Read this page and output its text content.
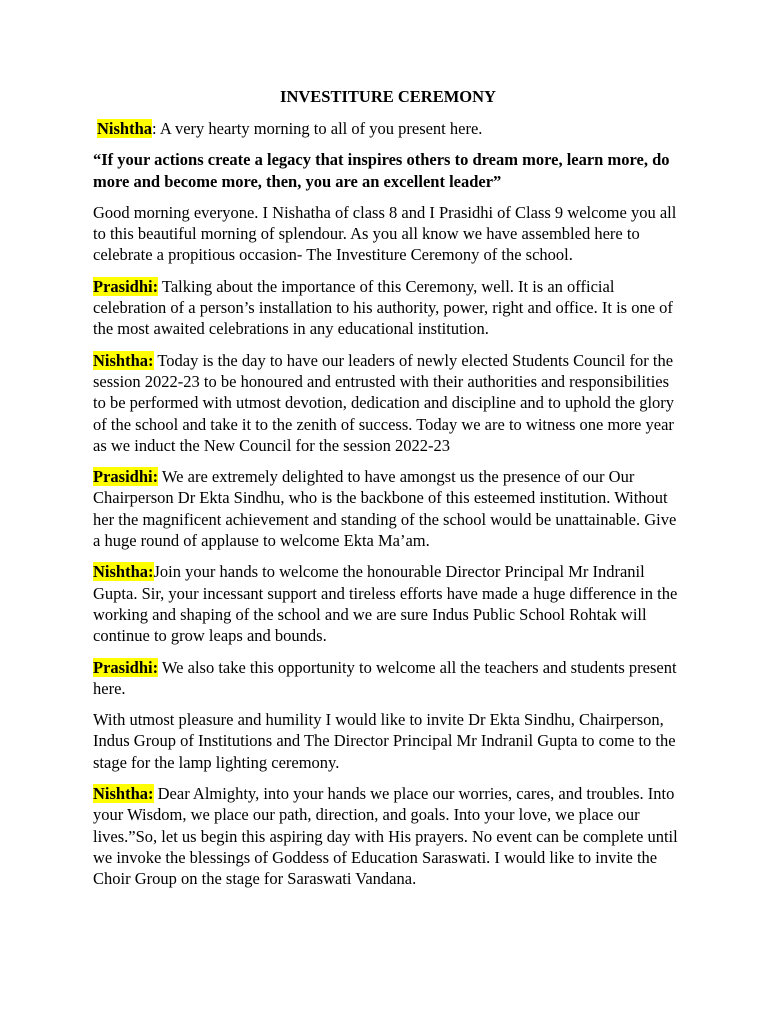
INVESTITURE CEREMONY

Nishtha: A very hearty morning to all of you present here.

“If your actions create a legacy that inspires others to dream more, learn more, do more and become more, then, you are an excellent leader”

Good morning everyone. I Nishatha of class 8 and I Prasidhi of Class 9 welcome you all to this beautiful morning of splendour. As you all know we have assembled here to celebrate a propitious occasion- The Investiture Ceremony of the school.

Prasidhi: Talking about the importance of this Ceremony, well. It is an official celebration of a person’s installation to his authority, power, right and office. It is one of the most awaited celebrations in any educational institution.

Nishtha: Today is the day to have our leaders of newly elected Students Council for the session 2022-23 to be honoured and entrusted with their authorities and responsibilities to be performed with utmost devotion, dedication and discipline and to uphold the glory of the school and take it to the zenith of success. Today we are to witness one more year as we induct the New Council for the session 2022-23

Prasidhi: We are extremely delighted to have amongst us the presence of our Our Chairperson Dr Ekta Sindhu, who is the backbone of this esteemed institution. Without her the magnificent achievement and standing of the school would be unattainable. Give a huge round of applause to welcome Ekta Ma’am.

Nishtha:Join your hands to welcome the honourable Director Principal Mr Indranil Gupta. Sir, your incessant support and tireless efforts have made a huge difference in the working and shaping of the school and we are sure Indus Public School Rohtak will continue to grow leaps and bounds.

Prasidhi: We also take this opportunity to welcome all the teachers and students present here.

With utmost pleasure and humility I would like to invite Dr Ekta Sindhu, Chairperson, Indus Group of Institutions and The Director Principal Mr Indranil Gupta to come to the stage for the lamp lighting ceremony.

Nishtha: Dear Almighty, into your hands we place our worries, cares, and troubles. Into your Wisdom, we place our path, direction, and goals. Into your love, we place our lives.”So, let us begin this aspiring day with His prayers. No event can be complete until we invoke the blessings of Goddess of Education Saraswati. I would like to invite the Choir Group on the stage for Saraswati Vandana.
